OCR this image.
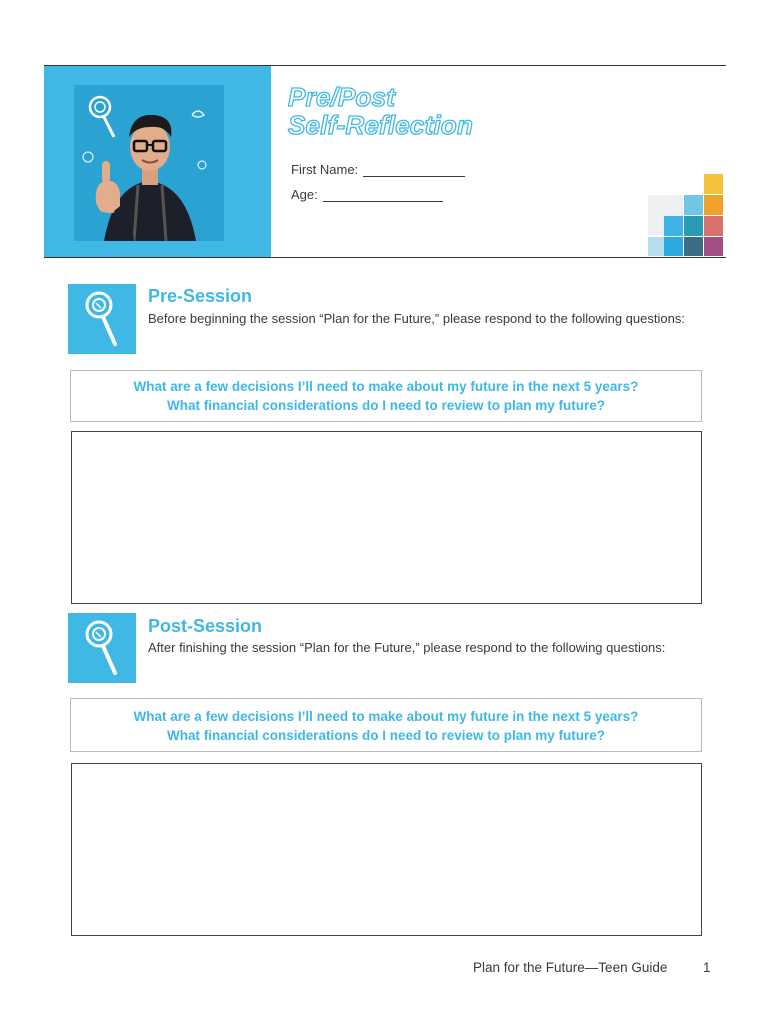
Pre/Post
Self-Reflection
First Name:
Age:
Pre-Session
Before beginning the session “Plan for the Future,” please respond to the following questions:
What are a few decisions I’ll need to make about my future in the next 5 years?
What financial considerations do I need to review to plan my future?
Post-Session
After finishing the session “Plan for the Future,” please respond to the following questions:
What are a few decisions I’ll need to make about my future in the next 5 years?
What financial considerations do I need to review to plan my future?
Plan for the Future—Teen Guide	1
